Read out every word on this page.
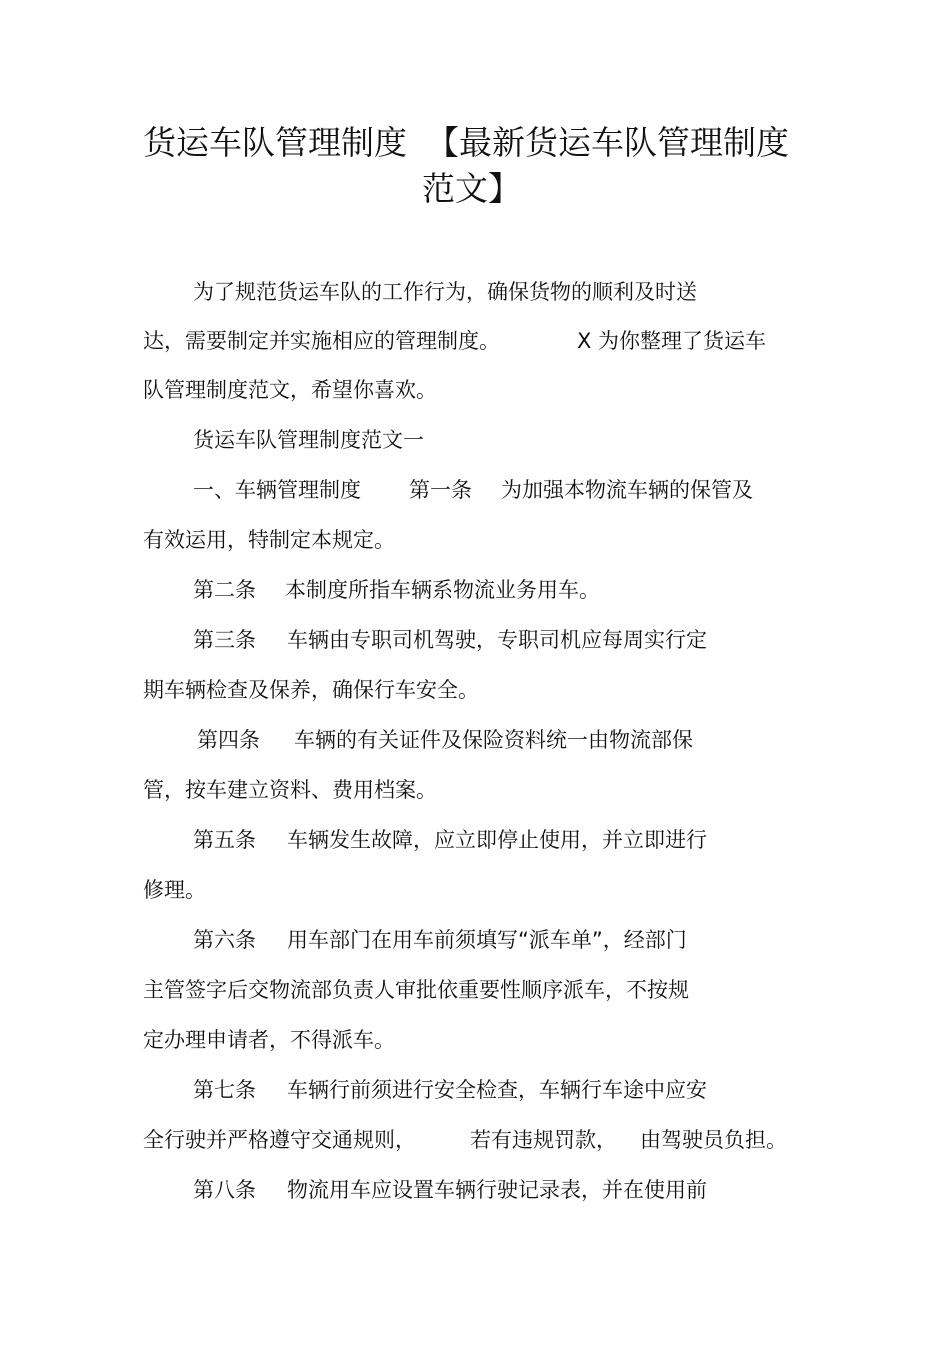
货运车队管理制度 【最新货运车队管理制度
范文】
为了规范货运车队的工作行为，确保货物的顺利及时送
达，需要制定并实施相应的管理制度。	X 为你整理了货运车
队管理制度范文，希望你喜欢。
货运车队管理制度范文一
一、车辆管理制度 第一条 为加强本物流车辆的保管及
有效运用，特制定本规定。
第二条 本制度所指车辆系物流业务用车。
第三条 车辆由专职司机驾驶，专职司机应每周实行定
期车辆检查及保养，确保行车安全。
第四条 车辆的有关证件及保险资料统一由物流部保
管，按车建立资料、费用档案。
第五条 车辆发生故障，应立即停止使用，并立即进行
修理。
第六条 用车部门在用车前须填写“派车单”，经部门
主管签字后交物流部负责人审批依重要性顺序派车，不按规
定办理申请者，不得派车。
第七条 车辆行前须进行安全检查，车辆行车途中应安
全行驶并严格遵守交通规则，	若有违规罚款， 由驾驶员负担。
第八条 物流用车应设置车辆行驶记录表，并在使用前
